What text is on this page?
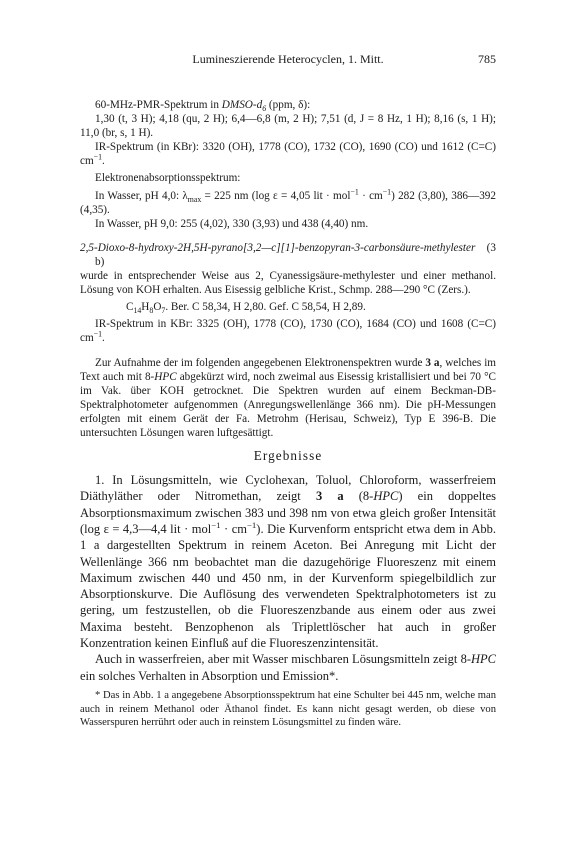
Lumineszierende Heterocyclen, 1. Mitt.	785

60-MHz-PMR-Spektrum in DMSO-$d_6$ (ppm, δ):

1,30 (t, 3 H); 4,18 (qu, 2 H); 6,4—6,8 (m, 2 H); 7,51 (d, J = 8 Hz, 1 H); 8,16 (s, 1 H); 11,0 (br, s, 1 H).

IR-Spektrum (in KBr): 3320 (OH), 1778 (CO), 1732 (CO), 1690 (CO) und 1612 (C=C) $cm^{-1}$.

Elektronenabsorptionsspektrum:

In Wasser, pH 4,0: $\lambda_{max} = 225$ nm (log ε = 4,05 lit · $mol^{-1} \cdot cm^{-1}$) 282 (3,80), 386—392 (4,35).

In Wasser, pH 9,0: 255 (4,02), 330 (3,93) und 438 (4,40) nm.

2,5-Dioxo-8-hydroxy-2H,5H-pyrano[3,2—c][1]-benzopyran-3-carbonsäure-methylester (3 b)

wurde in entsprechender Weise aus 2, Cyanessigsäure-methylester und einer methanol. Lösung von KOH erhalten. Aus Eisessig gelbliche Krist., Schmp. 288—290 °C (Zers.).

$C_{14}H_8O_7$. Ber. C 58,34, H 2,80. Gef. C 58,54, H 2,89.

IR-Spektrum in KBr: 3325 (OH), 1778 (CO), 1730 (CO), 1684 (CO) und 1608 (C=C) $cm^{-1}$.

Zur Aufnahme der im folgenden angegebenen Elektronenspektren wurde 3 a, welches im Text auch mit 8-HPC abgekürzt wird, noch zweimal aus Eisessig kristallisiert und bei 70 °C im Vak. über KOH getrocknet. Die Spektren wurden auf einem Beckman-DB-Spektralphotometer aufgenommen (Anregungswellenlänge 366 nm). Die pH-Messungen erfolgten mit einem Gerät der Fa. Metrohm (Herisau, Schweiz), Typ E 396-B. Die untersuchten Lösungen waren luftgesättigt.

Ergebnisse

1. In Lösungsmitteln, wie Cyclohexan, Toluol, Chloroform, wasserfreiem Diäthyläther oder Nitromethan, zeigt 3 a (8-HPC) ein doppeltes Absorptionsmaximum zwischen 383 und 398 nm von etwa gleich großer Intensität (log ε = 4,3—4,4 lit · $mol^{-1} \cdot cm^{-1}$). Die Kurvenform entspricht etwa dem in Abb. 1 a dargestellten Spektrum in reinem Aceton. Bei Anregung mit Licht der Wellenlänge 366 nm beobachtet man die dazugehörige Fluoreszenz mit einem Maximum zwischen 440 und 450 nm, in der Kurvenform spiegelbildlich zur Absorptionskurve. Die Auflösung des verwendeten Spektralphotometers ist zu gering, um festzustellen, ob die Fluoreszenzbande aus einem oder aus zwei Maxima besteht. Benzophenon als Triplettlöscher hat auch in großer Konzentration keinen Einfluß auf die Fluoreszenzintensität.

Auch in wasserfreien, aber mit Wasser mischbaren Lösungsmitteln zeigt 8-HPC ein solches Verhalten in Absorption und Emission*.

* Das in Abb. 1 a angegebene Absorptionsspektrum hat eine Schulter bei 445 nm, welche man auch in reinem Methanol oder Äthanol findet. Es kann nicht gesagt werden, ob diese von Wasserspuren herrührt oder auch in reinstem Lösungsmittel zu finden wäre.
